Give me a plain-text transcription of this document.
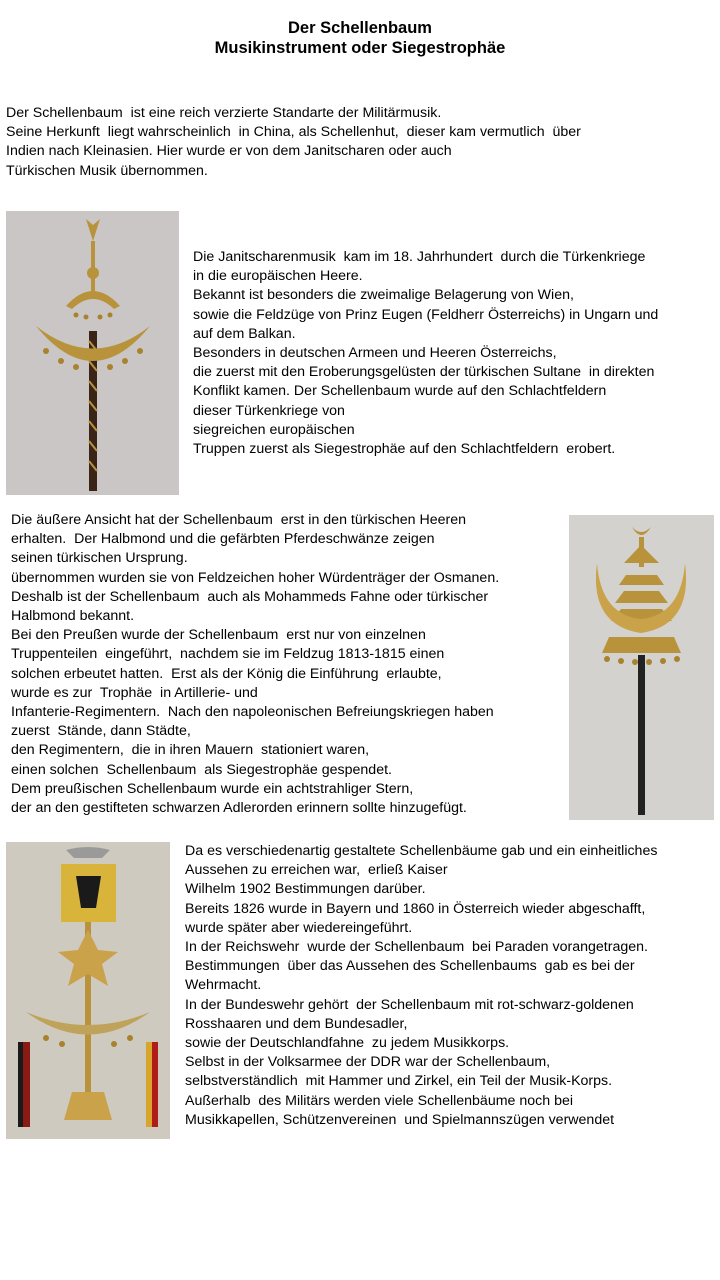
Der Schellenbaum
Musikinstrument oder Siegestrophäe
Der Schellenbaum  ist eine reich verzierte Standarte der Militärmusik.
Seine Herkunft  liegt wahrscheinlich  in China, als Schellenhut,  dieser kam vermutlich  über
Indien nach Kleinasien. Hier wurde er von dem Janitscharen oder auch
Türkischen Musik übernommen.
Die Janitscharenmusik  kam im 18. Jahrhundert  durch die Türkenkriege
in die europäischen Heere.
Bekannt ist besonders die zweimalige Belagerung von Wien,
sowie die Feldzüge von Prinz Eugen (Feldherr Österreichs) in Ungarn und
auf dem Balkan.
Besonders in deutschen Armeen und Heeren Österreichs,
die zuerst mit den Eroberungsgelüsten der türkischen Sultane  in direkten
Konflikt kamen. Der Schellenbaum wurde auf den Schlachtfeldern
dieser Türkenkriege von
siegreichen europäischen
Truppen zuerst als Siegestrophäe auf den Schlachtfeldern  erobert.
Die äußere Ansicht hat der Schellenbaum  erst in den türkischen Heeren
erhalten.  Der Halbmond und die gefärbten Pferdeschwänze zeigen
seinen türkischen Ursprung.
übernommen wurden sie von Feldzeichen hoher Würdenträger der Osmanen.
Deshalb ist der Schellenbaum  auch als Mohammeds Fahne oder türkischer
Halbmond bekannt.
Bei den Preußen wurde der Schellenbaum  erst nur von einzelnen
Truppenteilen  eingeführt,  nachdem sie im Feldzug 1813-1815 einen
solchen erbeutet hatten.  Erst als der König die Einführung  erlaubte,
wurde es zur  Trophäe  in Artillerie- und
Infanterie-Regimentern.  Nach den napoleonischen Befreiungskriegen haben
zuerst  Stände, dann Städte,
den Regimentern,  die in ihren Mauern  stationiert waren,
einen solchen  Schellenbaum  als Siegestrophäe gespendet.
Dem preußischen Schellenbaum wurde ein achtstrahliger Stern,
der an den gestifteten schwarzen Adlerorden erinnern sollte hinzugefügt.
Da es verschiedenartig gestaltete Schellenbäume gab und ein einheitliches
Aussehen zu erreichen war,  erließ Kaiser
Wilhelm 1902 Bestimmungen darüber.
Bereits 1826 wurde in Bayern und 1860 in Österreich wieder abgeschafft,
wurde später aber wiedereingeführt.
In der Reichswehr  wurde der Schellenbaum  bei Paraden vorangetragen.
Bestimmungen  über das Aussehen des Schellenbaums  gab es bei der
Wehrmacht.
In der Bundeswehr gehört  der Schellenbaum mit rot-schwarz-goldenen
Rosshaaren und dem Bundesadler,
sowie der Deutschlandfahne  zu jedem Musikkorps.
Selbst in der Volksarmee der DDR war der Schellenbaum,
selbstverständlich  mit Hammer und Zirkel, ein Teil der Musik-Korps.
Außerhalb  des Militärs werden viele Schellenbäume noch bei
Musikkapellen, Schützenvereinen  und Spielmannszügen verwendet
